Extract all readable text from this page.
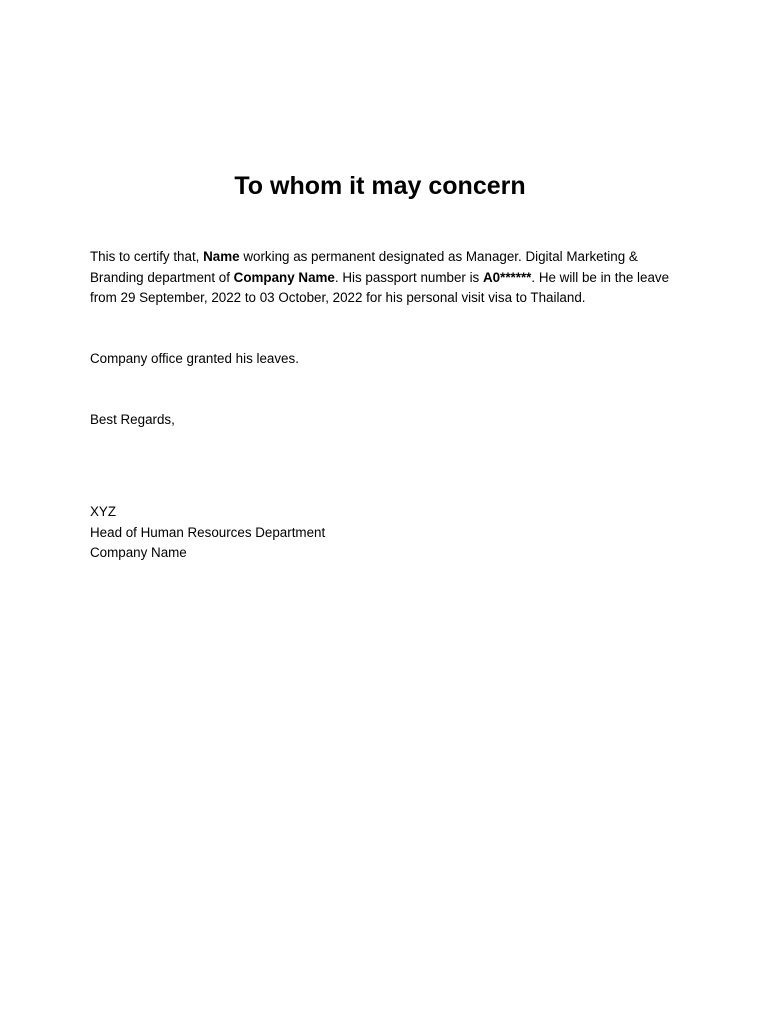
To whom it may concern

This to certify that, Name working as permanent designated as Manager. Digital Marketing & Branding department of Company Name. His passport number is A0******. He will be in the leave from 29 September, 2022 to 03 October, 2022 for his personal visit visa to Thailand.

Company office granted his leaves.

Best Regards,

XYZ

Head of Human Resources Department

Company Name
